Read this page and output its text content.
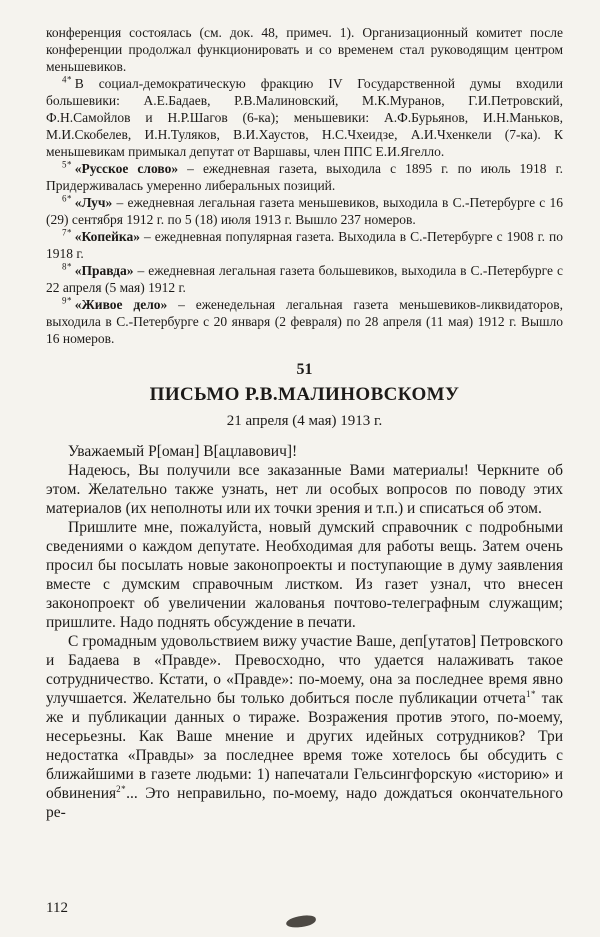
конференция состоялась (см. док. 48, примеч. 1). Организационный комитет после конференции продолжал функционировать и со временем стал руководящим центром меньшевиков.

$^{4*}$  В социал-демократическую фракцию IV Государственной думы входили большевики: А.Е.Бадаев, Р.В.Малиновский, М.К.Муранов, Г.И.Петровский, Ф.Н.Самойлов и Н.Р.Шагов (6-ка); меньшевики: А.Ф.Бурьянов, И.Н.Маньков, М.И.Скобелев, И.Н.Туляков, В.И.Хаустов, Н.С.Чхеидзе, А.И.Чхенкели (7-ка). К меньшевикам примыкал депутат от Варшавы, член ППС Е.И.Ягелло.

$^{5*}$  «Русское слово» – ежедневная газета, выходила с 1895 г. по июль 1918 г. Придерживалась умеренно либеральных позиций.

$^{6*}$  «Луч» – ежедневная легальная газета меньшевиков, выходила в С.-Петербурге с 16 (29) сентября 1912 г. по 5 (18) июля 1913 г. Вышло 237 номеров.

$^{7*}$  «Копейка» – ежедневная популярная газета. Выходила в С.-Петербурге с 1908 г. по 1918 г.

$^{8*}$  «Правда» – ежедневная легальная газета большевиков, выходила в С.-Петербурге с 22 апреля (5 мая) 1912 г.

$^{9*}$  «Живое дело» – еженедельная легальная газета меньшевиков-ликвидаторов, выходила в С.-Петербурге с 20 января (2 февраля) по 28 апреля (11 мая) 1912 г. Вышло 16 номеров.

51
ПИСЬМО Р.В.МАЛИНОВСКОМУ
21 апреля (4 мая) 1913 г.

Уважаемый Р[оман] В[ацлавович]!

Надеюсь, Вы получили все заказанные Вами материалы! Черкните об этом. Желательно также узнать, нет ли особых вопросов по поводу этих материалов (их неполноты или их точки зрения и т.п.) и списаться об этом.

Пришлите мне, пожалуйста, новый думский справочник с подробными сведениями о каждом депутате. Необходимая для работы вещь. Затем очень просил бы посылать новые законопроекты и поступающие в думу заявления вместе с думским справочным листком. Из газет узнал, что внесен законопроект об увеличении жалованья почтово-телеграфным служащим; пришлите. Надо поднять обсуждение в печати.

С громадным удовольствием вижу участие Ваше, деп[утатов] Петровского и Бадаева в «Правде». Превосходно, что удается налаживать такое сотрудничество. Кстати, о «Правде»: по-моему, она за последнее время явно улучшается. Желательно бы только добиться после публикации отчета$^{1*}$ так же и публикации данных о тираже. Возражения против этого, по-моему, несерьезны. Как Ваше мнение и других идейных сотрудников? Три недостатка «Правды» за последнее время тоже хотелось бы обсудить с ближайшими в газете людьми: 1) напечатали Гельсингфорскую «историю» и обвинения$^{2*}$... Это неправильно, по-моему, надо дождаться окончательного ре-

112
